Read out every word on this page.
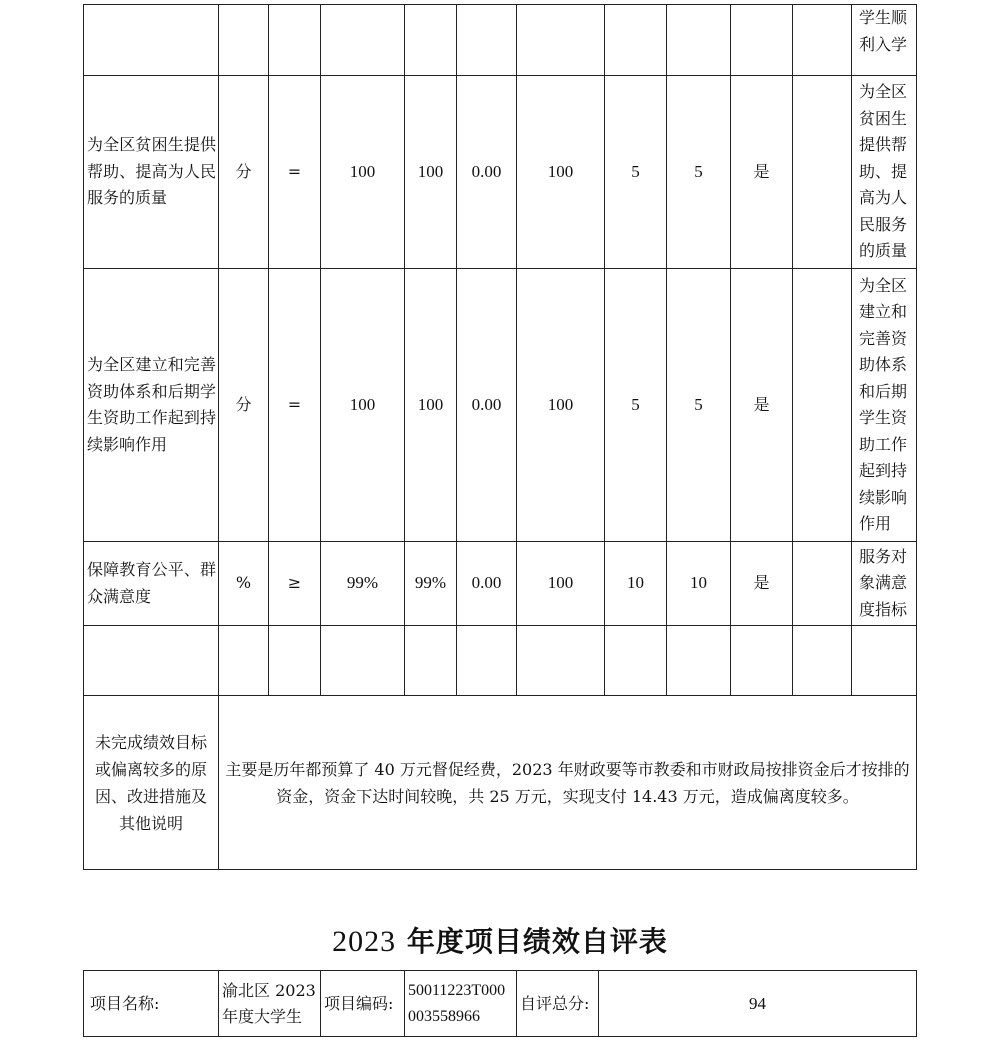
											学生顺利入学
为全区贫困生提供帮助、提高为人民服务的质量	分	=	100	100	0.00	100	5	5	是		为全区贫困生提供帮助、提高为人民服务的质量
为全区建立和完善资助体系和后期学生资助工作起到持续影响作用	分	=	100	100	0.00	100	5	5	是		为全区建立和完善资助体系和后期学生资助工作起到持续影响作用
保障教育公平、群众满意度	%	≥	99%	99%	0.00	100	10	10	是		服务对象满意度指标

未完成绩效目标或偏离较多的原因、改进措施及其他说明	主要是历年都预算了 40 万元督促经费，2023 年财政要等市教委和市财政局按排资金后才按排的资金，资金下达时间较晚，共 25 万元，实现支付 14.43 万元，造成偏离度较多。										
2023 年度项目绩效自评表
项目名称:	渝北区 2023 年度大学生	项目编码:	50011223T000003558966	自评总分:	94
